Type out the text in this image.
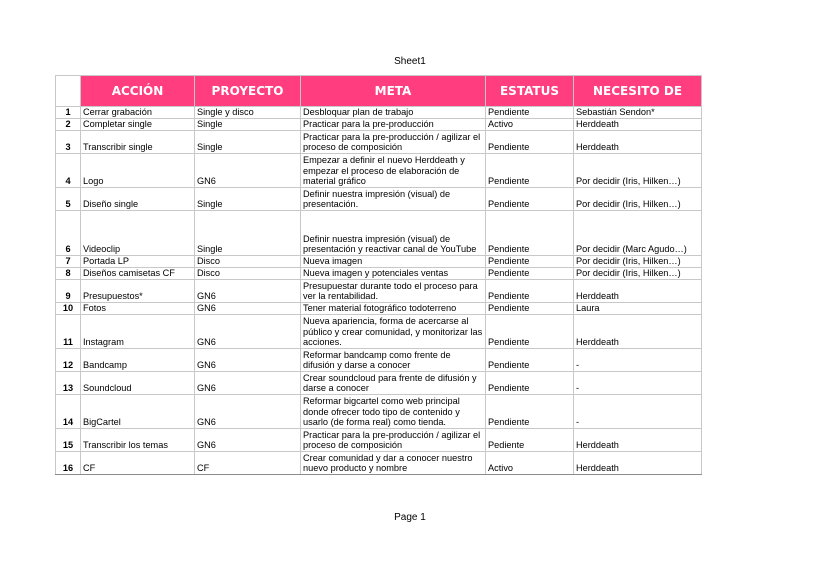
Sheet1
	ACCIÓN	PROYECTO	META	ESTATUS	NECESITO DE
1	Cerrar grabación	Single y disco	Desbloquar plan de trabajo	Pendiente	Sebastián Sendon*
2	Completar single	Single	Practicar para la pre-producción	Activo	Herddeath
3	Transcribir single	Single	Practicar para la pre-producción / agilizar el proceso de composición	Pendiente	Herddeath
4	Logo	GN6	Empezar a definir el nuevo Herddeath y empezar el proceso de elaboración de material gráfico	Pendiente	Por decidir (Iris, Hilken…)
5	Diseño single	Single	Definir nuestra impresión (visual) de presentación.	Pendiente	Por decidir (Iris, Hilken…)
6	Videoclip	Single	Definir nuestra impresión (visual) de presentación y reactivar canal de YouTube	Pendiente	Por decidir (Marc Agudo…)
7	Portada LP	Disco	Nueva imagen	Pendiente	Por decidir (Iris, Hilken…)
8	Diseños camisetas CF	Disco	Nueva imagen y potenciales ventas	Pendiente	Por decidir (Iris, Hilken…)
9	Presupuestos*	GN6	Presupuestar durante todo el proceso para ver la rentabilidad.	Pendiente	Herddeath
10	Fotos	GN6	Tener material fotográfico todoterreno	Pendiente	Laura
11	Instagram	GN6	Nueva apariencia, forma de acercarse al público y crear comunidad, y monitorizar las acciones.	Pendiente	Herddeath
12	Bandcamp	GN6	Reformar bandcamp como frente de difusión y darse a conocer	Pendiente	-
13	Soundcloud	GN6	Crear soundcloud para frente de difusión y darse a conocer	Pendiente	-
14	BigCartel	GN6	Reformar bigcartel como web principal donde ofrecer todo tipo de contenido y usarlo (de forma real) como tienda.	Pendiente	-
15	Transcribir los temas	GN6	Practicar para la pre-producción / agilizar el proceso de composición	Pediente	Herddeath
16	CF	CF	Crear comunidad y dar a conocer nuestro nuevo producto y nombre	Activo	Herddeath
Page 1
